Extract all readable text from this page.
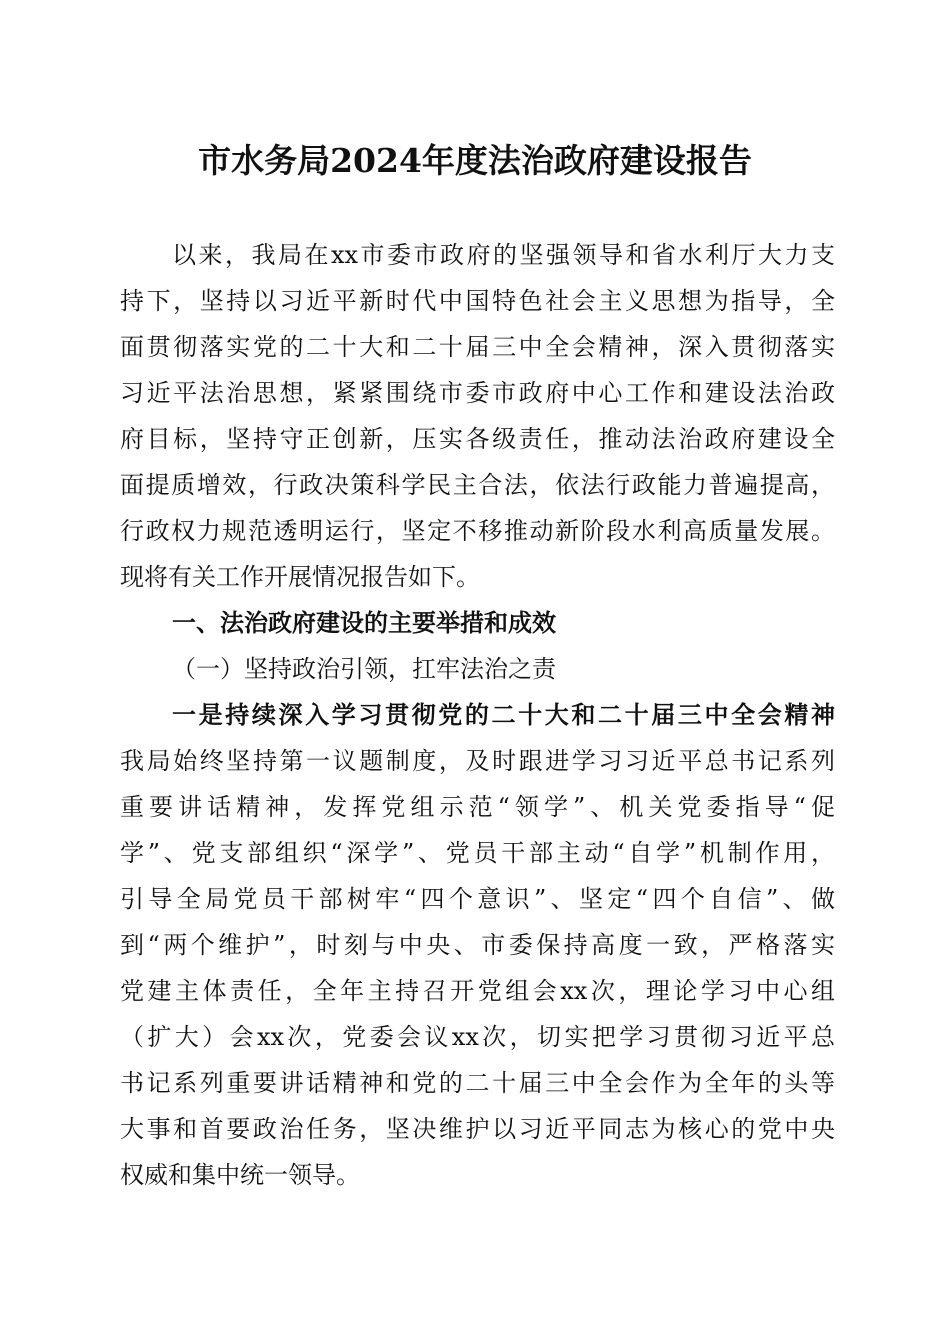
市水务局2024年度法治政府建设报告
以来，我局在xx市委市政府的坚强领导和省水利厅大力支
持下，坚持以习近平新时代中国特色社会主义思想为指导，全
面贯彻落实党的二十大和二十届三中全会精神，深入贯彻落实
习近平法治思想，紧紧围绕市委市政府中心工作和建设法治政
府目标，坚持守正创新，压实各级责任，推动法治政府建设全
面提质增效，行政决策科学民主合法，依法行政能力普遍提高，
行政权力规范透明运行，坚定不移推动新阶段水利高质量发展。
现将有关工作开展情况报告如下。
一、法治政府建设的主要举措和成效
（一）坚持政治引领，扛牢法治之责
一是持续深入学习贯彻党的二十大和二十届三中全会精神
我局始终坚持第一议题制度，及时跟进学习习近平总书记系列
重要讲话精神，发挥党组示范“领学”、机关党委指导“促
学”、党支部组织“深学”、党员干部主动“自学”机制作用，
引导全局党员干部树牢“四个意识”、坚定“四个自信”、做
到“两个维护”，时刻与中央、市委保持高度一致，严格落实
党建主体责任，全年主持召开党组会xx次，理论学习中心组
（扩大）会xx次，党委会议xx次，切实把学习贯彻习近平总
书记系列重要讲话精神和党的二十届三中全会作为全年的头等
大事和首要政治任务，坚决维护以习近平同志为核心的党中央
权威和集中统一领导。
